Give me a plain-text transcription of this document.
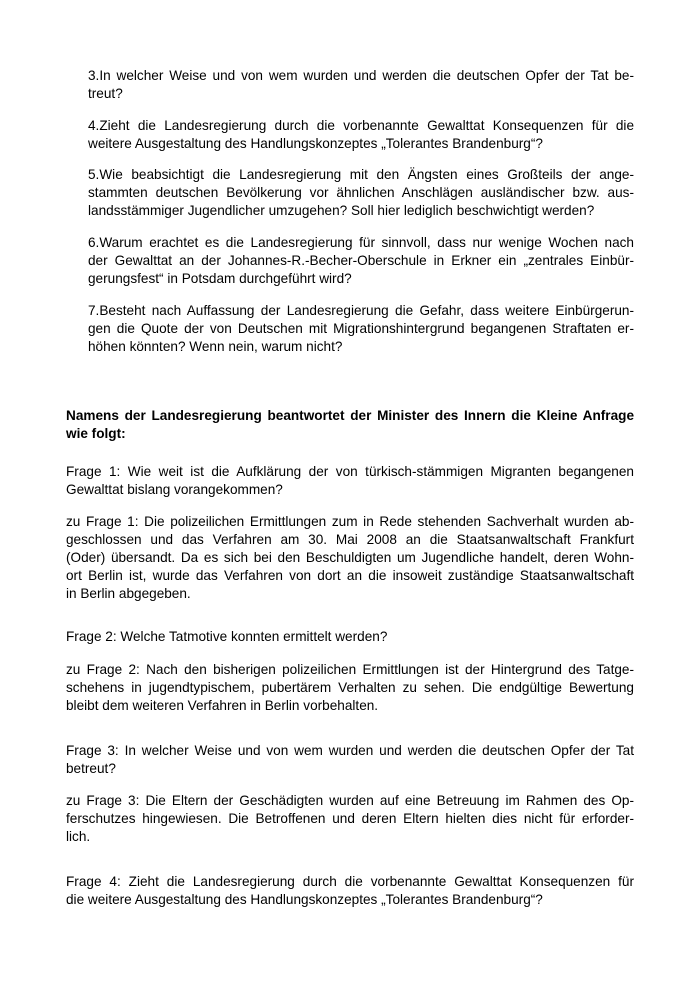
3.In welcher Weise und von wem wurden und werden die deutschen Opfer der Tat be-
treut?

4.Zieht die Landesregierung durch die vorbenannte Gewalttat Konsequenzen für die
weitere Ausgestaltung des Handlungskonzeptes „Tolerantes Brandenburg“?

5.Wie beabsichtigt die Landesregierung mit den Ängsten eines Großteils der ange-
stammten deutschen Bevölkerung vor ähnlichen Anschlägen ausländischer bzw. aus-
landsstämmiger Jugendlicher umzugehen? Soll hier lediglich beschwichtigt werden?

6.Warum erachtet es die Landesregierung für sinnvoll, dass nur wenige Wochen nach
der Gewalttat an der Johannes-R.-Becher-Oberschule in Erkner ein „zentrales Einbür-
gerungsfest“ in Potsdam durchgeführt wird?

7.Besteht nach Auffassung der Landesregierung die Gefahr, dass weitere Einbürgerun-
gen die Quote der von Deutschen mit Migrationshintergrund begangenen Straftaten er-
höhen könnten? Wenn nein, warum nicht?

Namens der Landesregierung beantwortet der Minister des Innern die Kleine Anfrage
wie folgt:

Frage 1: Wie weit ist die Aufklärung der von türkisch-stämmigen Migranten begangenen
Gewalttat bislang vorangekommen?

zu Frage 1: Die polizeilichen Ermittlungen zum in Rede stehenden Sachverhalt wurden ab-
geschlossen und das Verfahren am 30. Mai 2008 an die Staatsanwaltschaft Frankfurt
(Oder) übersandt. Da es sich bei den Beschuldigten um Jugendliche handelt, deren Wohn-
ort Berlin ist, wurde das Verfahren von dort an die insoweit zuständige Staatsanwaltschaft
in Berlin abgegeben.

Frage 2: Welche Tatmotive konnten ermittelt werden?

zu Frage 2: Nach den bisherigen polizeilichen Ermittlungen ist der Hintergrund des Tatge-
schehens in jugendtypischem, pubertärem Verhalten zu sehen. Die endgültige Bewertung
bleibt dem weiteren Verfahren in Berlin vorbehalten.

Frage 3: In welcher Weise und von wem wurden und werden die deutschen Opfer der Tat
betreut?

zu Frage 3: Die Eltern der Geschädigten wurden auf eine Betreuung im Rahmen des Op-
ferschutzes hingewiesen. Die Betroffenen und deren Eltern hielten dies nicht für erforder-
lich.

Frage 4: Zieht die Landesregierung durch die vorbenannte Gewalttat Konsequenzen für
die weitere Ausgestaltung des Handlungskonzeptes „Tolerantes Brandenburg“?
